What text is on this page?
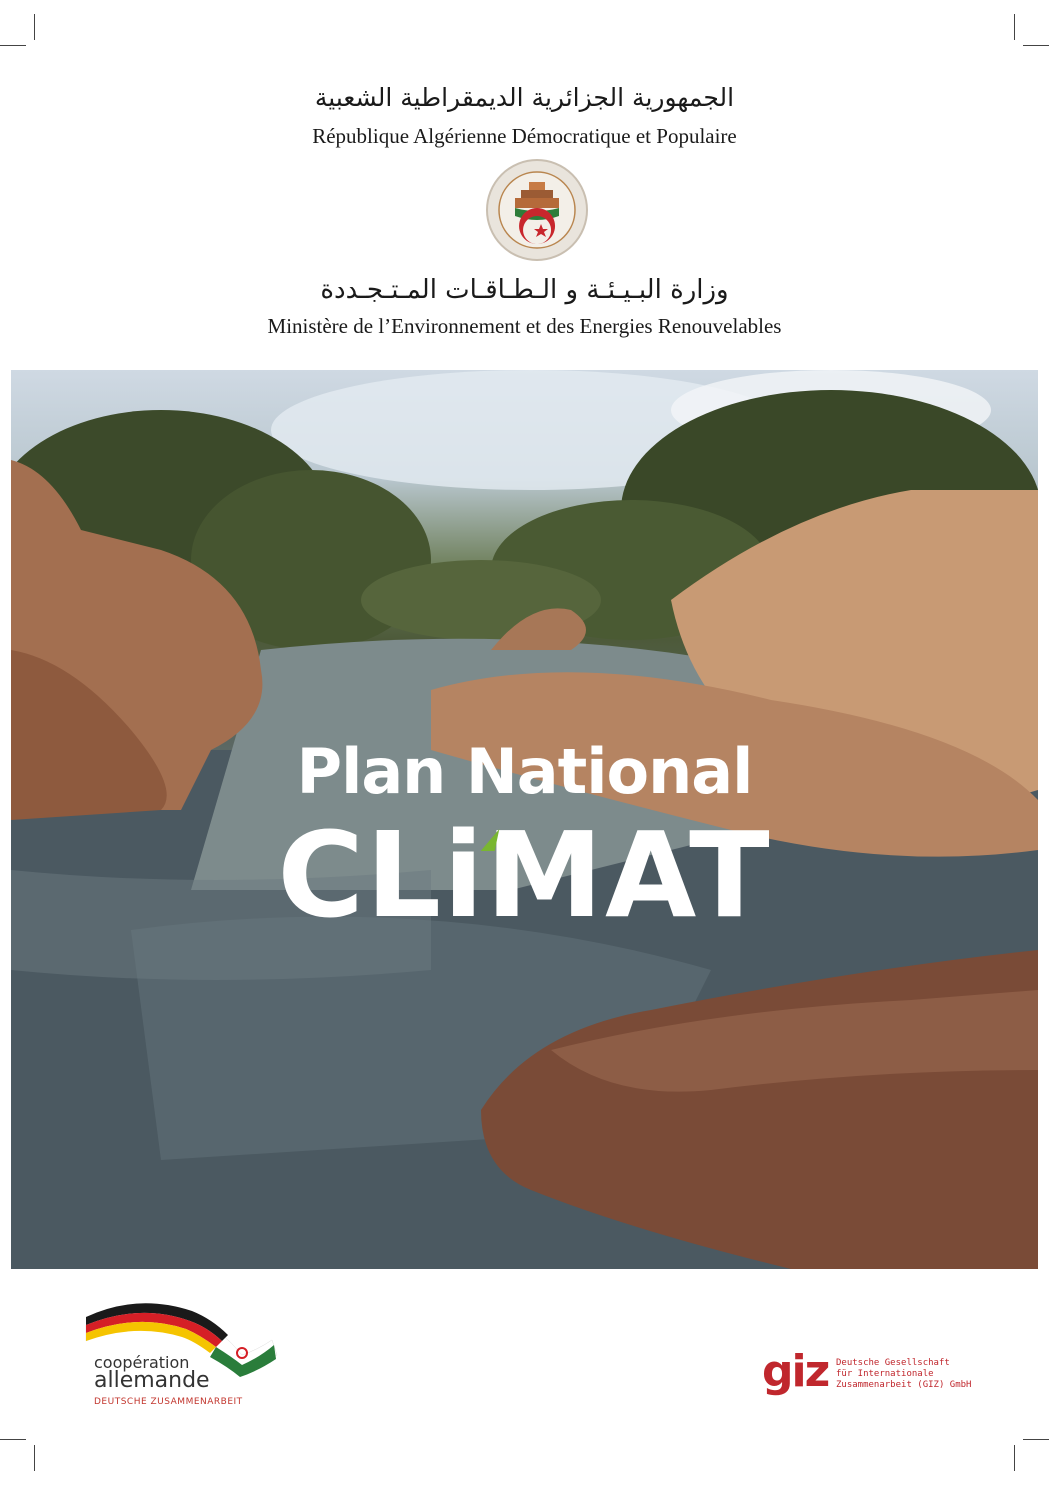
الجمهورية الجزائرية الديمقراطية الشعبية
République Algérienne Démocratique et Populaire
وزارة البـيـئـة و الـطـاقـات المـتـجـددة
Ministère de l’Environnement et des Energies Renouvelables
Plan National
CLiMAT
coopération
allemande
DEUTSCHE ZUSAMMENARBEIT
giz Deutsche Gesellschaft
für Internationale
Zusammenarbeit (GIZ) GmbH
